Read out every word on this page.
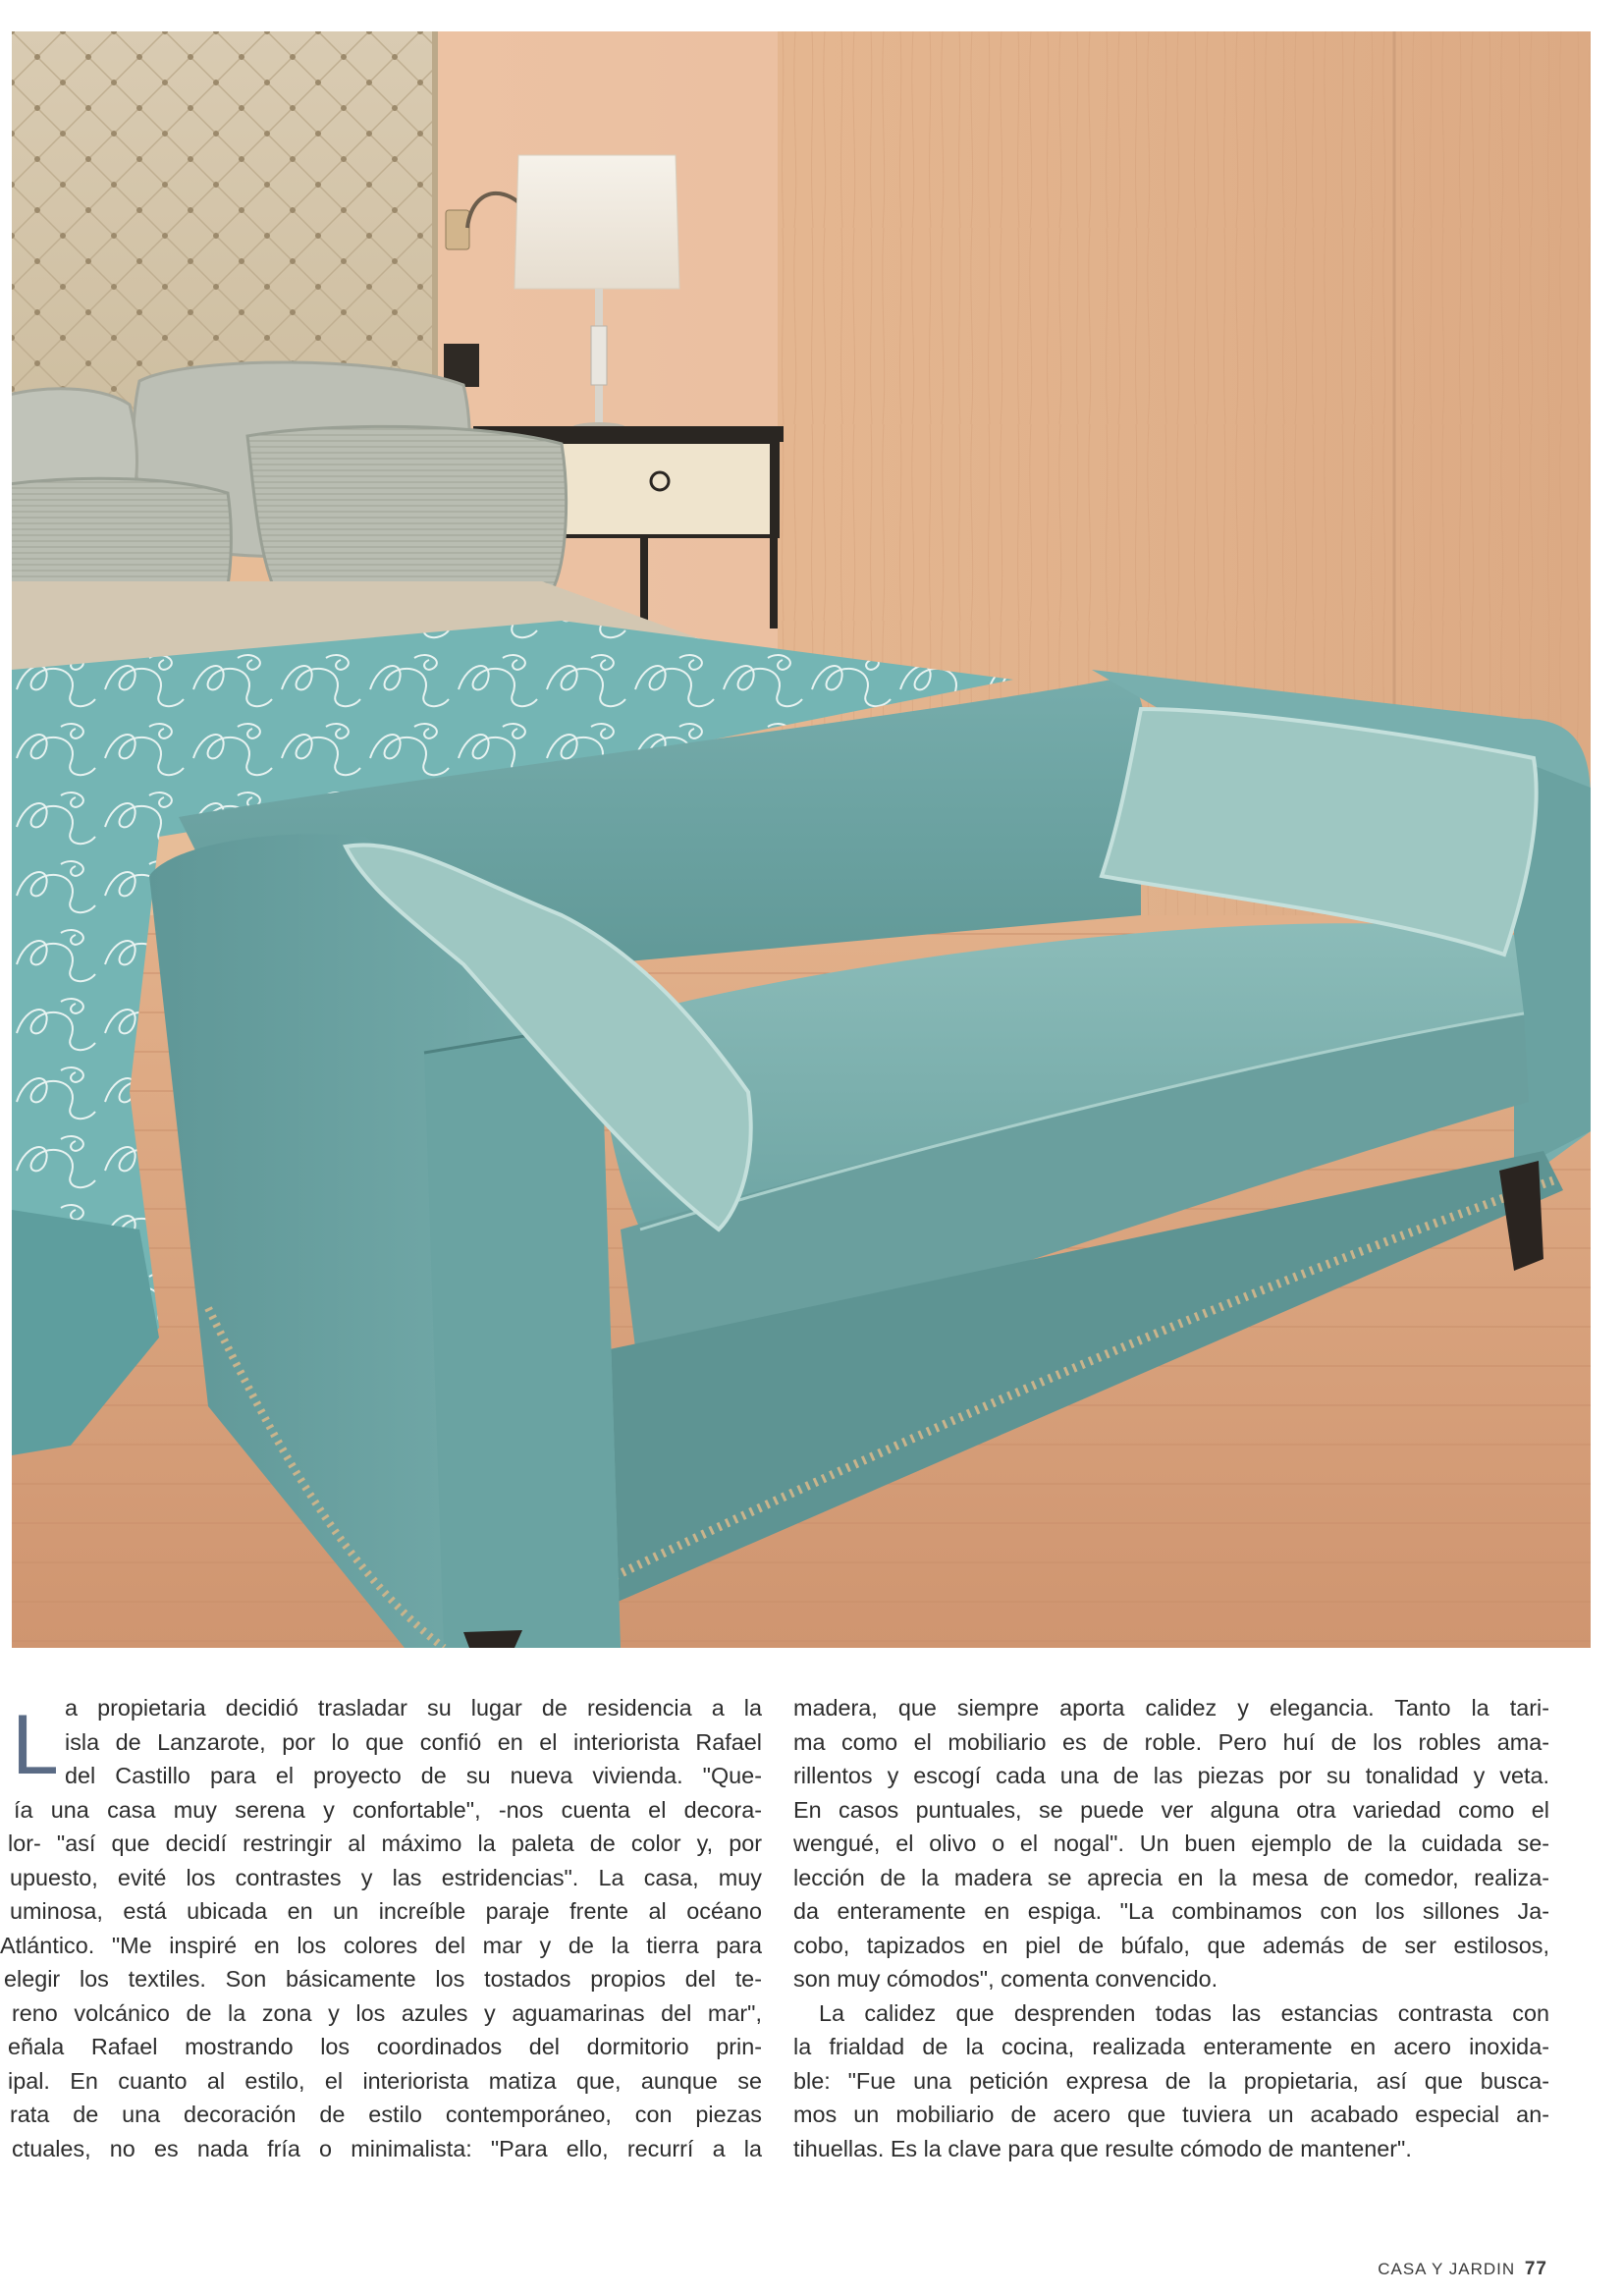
L a propietaria decidió trasladar su lugar de residencia a la
isla de Lanzarote, por lo que confió en el interiorista Rafael
del Castillo para el proyecto de su nueva vivienda. "Que-
ía una casa muy serena y confortable", -nos cuenta el decora-
lor- "así que decidí restringir al máximo la paleta de color y, por
upuesto, evité los contrastes y las estridencias". La casa, muy
uminosa, está ubicada en un increíble paraje frente al océano
Atlántico. "Me inspiré en los colores del mar y de la tierra para
elegir los textiles. Son básicamente los tostados propios del te-
reno volcánico de la zona y los azules y aguamarinas del mar",
eñala Rafael mostrando los coordinados del dormitorio prin-
ipal. En cuanto al estilo, el interiorista matiza que, aunque se
rata de una decoración de estilo contemporáneo, con piezas
ctuales, no es nada fría o minimalista: "Para ello, recurrí a la
madera, que siempre aporta calidez y elegancia. Tanto la tari-
ma como el mobiliario es de roble. Pero huí de los robles ama-
rillentos y escogí cada una de las piezas por su tonalidad y veta.
En casos puntuales, se puede ver alguna otra variedad como el
wengué, el olivo o el nogal". Un buen ejemplo de la cuidada se-
lección de la madera se aprecia en la mesa de comedor, realiza-
da enteramente en espiga. "La combinamos con los sillones Ja-
cobo, tapizados en piel de búfalo, que además de ser estilosos,
son muy cómodos", comenta convencido.
La calidez que desprenden todas las estancias contrasta con
la frialdad de la cocina, realizada enteramente en acero inoxida-
ble: "Fue una petición expresa de la propietaria, así que busca-
mos un mobiliario de acero que tuviera un acabado especial an-
tihuellas. Es la clave para que resulte cómodo de mantener".
CASA Y JARDIN 77
